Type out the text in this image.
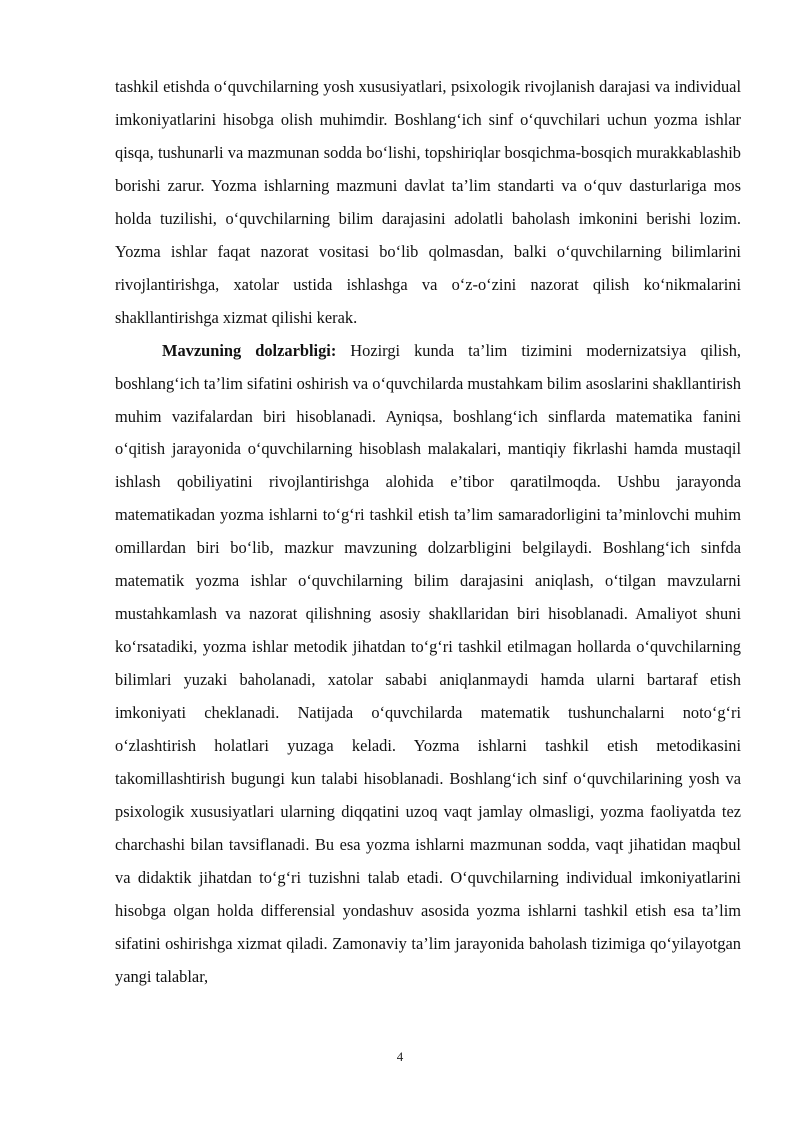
tashkil etishda o‘quvchilarning yosh xususiyatlari, psixologik rivojlanish darajasi va individual imkoniyatlarini hisobga olish muhimdir. Boshlang‘ich sinf o‘quvchilari uchun yozma ishlar qisqa, tushunarli va mazmunan sodda bo‘lishi, topshiriqlar bosqichma-bosqich murakkablashib borishi zarur. Yozma ishlarning mazmuni davlat ta’lim standarti va o‘quv dasturlariga mos holda tuzilishi, o‘quvchilarning bilim darajasini adolatli baholash imkonini berishi lozim. Yozma ishlar faqat nazorat vositasi bo‘lib qolmasdan, balki o‘quvchilarning bilimlarini rivojlantirishga, xatolar ustida ishlashga va o‘z-o‘zini nazorat qilish ko‘nikmalarini shakllantirishga xizmat qilishi kerak.

Mavzuning dolzarbligi: Hozirgi kunda ta’lim tizimini modernizatsiya qilish, boshlang‘ich ta’lim sifatini oshirish va o‘quvchilarda mustahkam bilim asoslarini shakllantirish muhim vazifalardan biri hisoblanadi. Ayniqsa, boshlang‘ich sinflarda matematika fanini o‘qitish jarayonida o‘quvchilarning hisoblash malakalari, mantiqiy fikrlashi hamda mustaqil ishlash qobiliyatini rivojlantirishga alohida e’tibor qaratilmoqda. Ushbu jarayonda matematikadan yozma ishlarni to‘g‘ri tashkil etish ta’lim samaradorligini ta’minlovchi muhim omillardan biri bo‘lib, mazkur mavzuning dolzarbligini belgilaydi. Boshlang‘ich sinfda matematik yozma ishlar o‘quvchilarning bilim darajasini aniqlash, o‘tilgan mavzularni mustahkamlash va nazorat qilishning asosiy shakllaridan biri hisoblanadi. Amaliyot shuni ko‘rsatadiki, yozma ishlar metodik jihatdan to‘g‘ri tashkil etilmagan hollarda o‘quvchilarning bilimlari yuzaki baholanadi, xatolar sababi aniqlanmaydi hamda ularni bartaraf etish imkoniyati cheklanadi. Natijada o‘quvchilarda matematik tushunchalarni noto‘g‘ri o‘zlashtirish holatlari yuzaga keladi. Yozma ishlarni tashkil etish metodikasini takomillashtirish bugungi kun talabi hisoblanadi. Boshlang‘ich sinf o‘quvchilarining yosh va psixologik xususiyatlari ularning diqqatini uzoq vaqt jamlay olmasligi, yozma faoliyatda tez charchashi bilan tavsiflanadi. Bu esa yozma ishlarni mazmunan sodda, vaqt jihatidan maqbul va didaktik jihatdan to‘g‘ri tuzishni talab etadi. O‘quvchilarning individual imkoniyatlarini hisobga olgan holda differensial yondashuv asosida yozma ishlarni tashkil etish esa ta’lim sifatini oshirishga xizmat qiladi. Zamonaviy ta’lim jarayonida baholash tizimiga qo‘yilayotgan yangi talablar,

4
